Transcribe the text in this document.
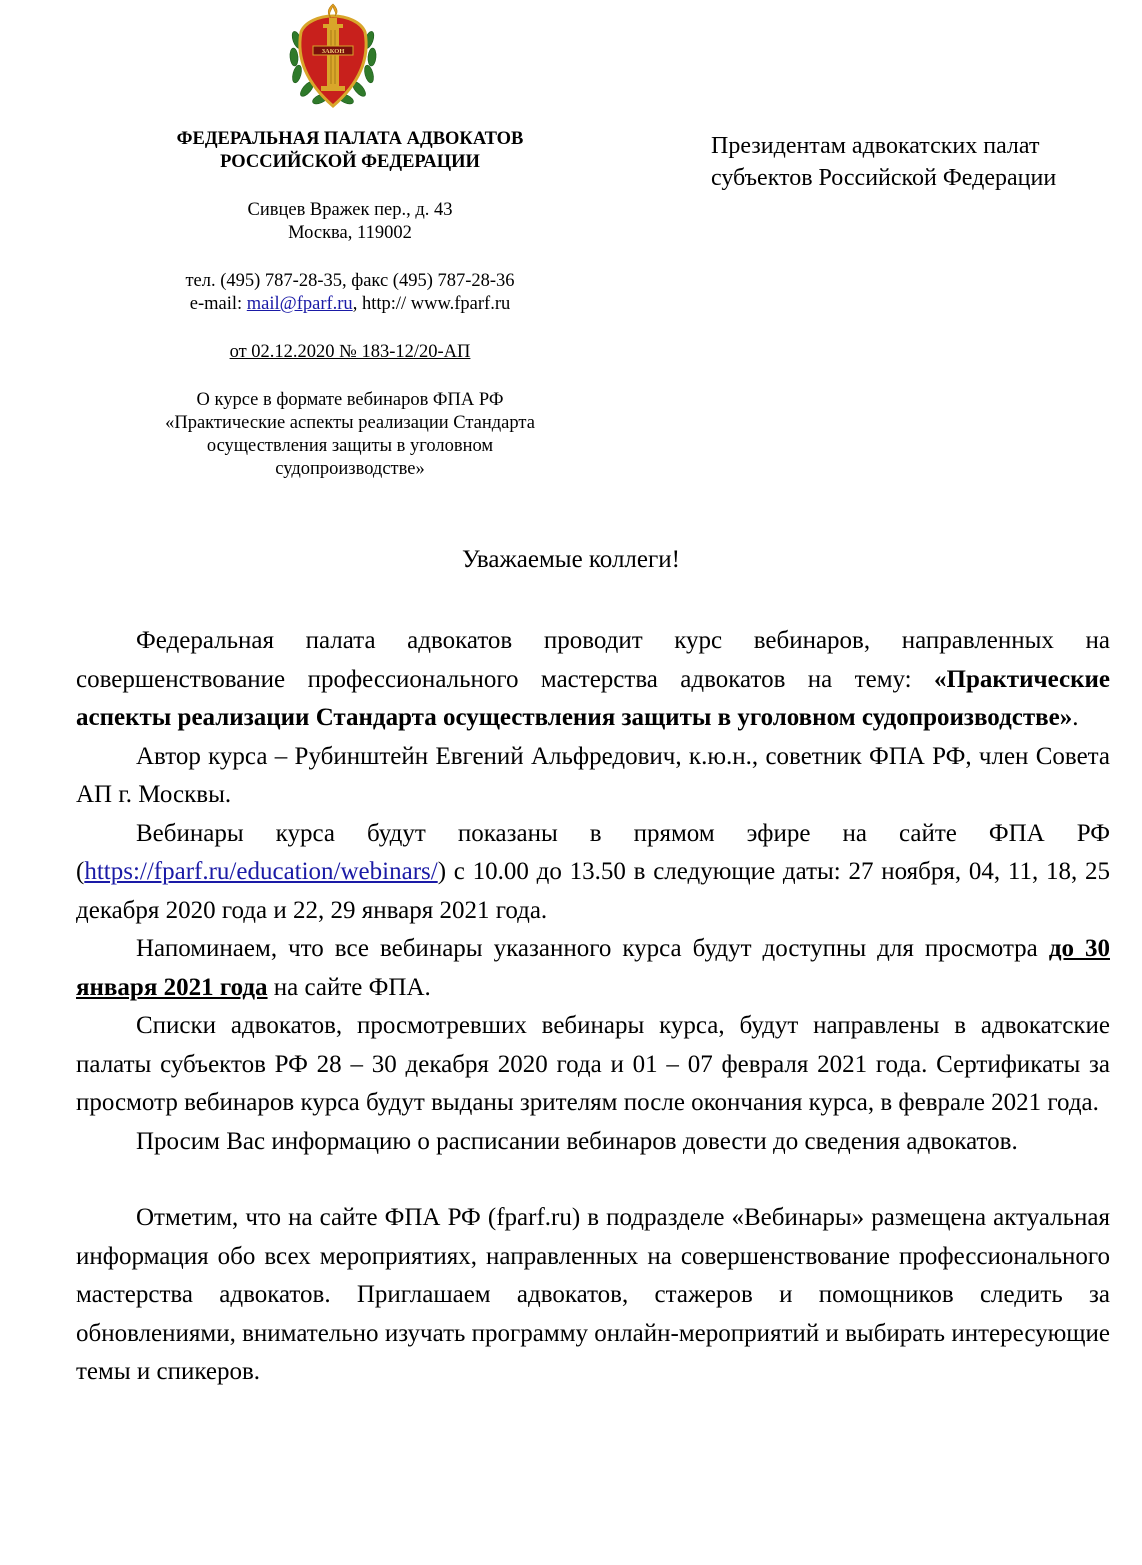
ЗАКОН
ФЕДЕРАЛЬНАЯ ПАЛАТА АДВОКАТОВ
РОССИЙСКОЙ ФЕДЕРАЦИИ
Сивцев Вражек пер., д. 43
Москва, 119002
тел. (495) 787-28-35, факс (495) 787-28-36
e-mail: mail@fparf.ru, http:// www.fparf.ru
от 02.12.2020 № 183-12/20-АП
О курсе в формате вебинаров ФПА РФ
«Практические аспекты реализации Стандарта
осуществления защиты в уголовном
судопроизводстве»
Президентам адвокатских палат
субъектов Российской Федерации
Уважаемые коллеги!

Федеральная палата адвокатов проводит курс вебинаров, направленных на совершенствование профессионального мастерства адвокатов на тему: «Практические аспекты реализации Стандарта осуществления защиты в уголовном судопроизводстве».

Автор курса – Рубинштейн Евгений Альфредович, к.ю.н., советник ФПА РФ, член Совета АП г. Москвы.

Вебинары курса будут показаны в прямом эфире на сайте ФПА РФ (https://fparf.ru/education/webinars/) с 10.00 до 13.50 в следующие даты: 27 ноября, 04, 11, 18, 25 декабря 2020 года и 22, 29 января 2021 года.

Напоминаем, что все вебинары указанного курса будут доступны для просмотра до 30 января 2021 года на сайте ФПА.

Списки адвокатов, просмотревших вебинары курса, будут направлены в адвокатские палаты субъектов РФ 28 – 30 декабря 2020 года и 01 – 07 февраля 2021 года. Сертификаты за просмотр вебинаров курса будут выданы зрителям после окончания курса, в феврале 2021 года.

Просим Вас информацию о расписании вебинаров довести до сведения адвокатов.

Отметим, что на сайте ФПА РФ (fparf.ru) в подразделе «Вебинары» размещена актуальная информация обо всех мероприятиях, направленных на совершенствование профессионального мастерства адвокатов. Приглашаем адвокатов, стажеров и помощников следить за обновлениями, внимательно изучать программу онлайн-мероприятий и выбирать интересующие темы и спикеров.
